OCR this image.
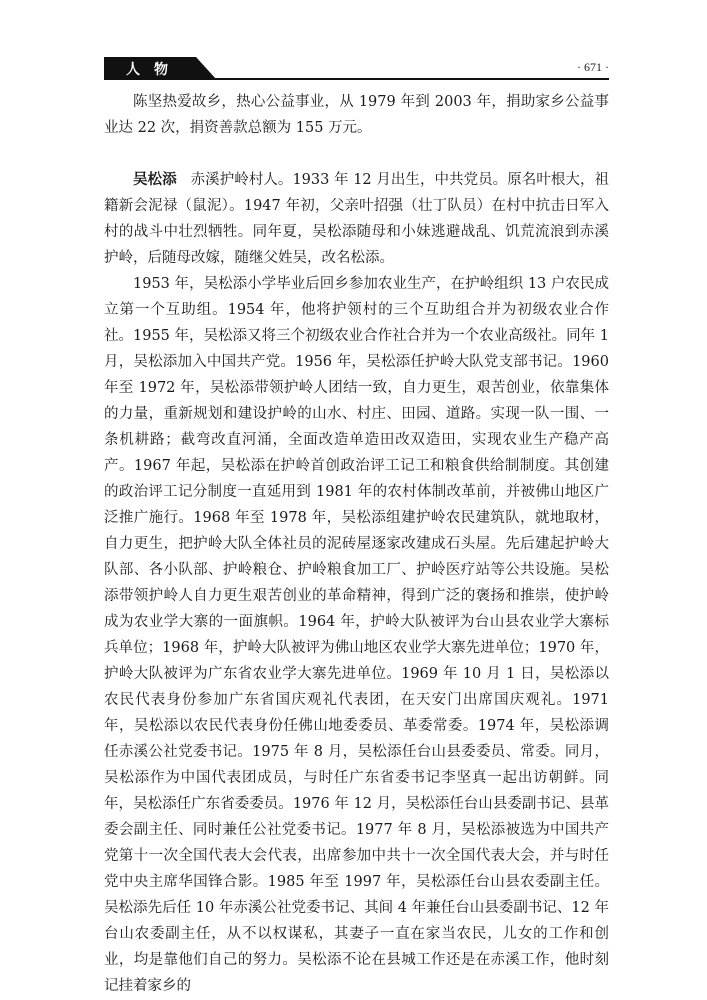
人物	· 671 ·

陈坚热爱故乡，热心公益事业，从 1979 年到 2003 年，捐助家乡公益事业达 22 次，捐资善款总额为 155 万元。

吴松添 赤溪护岭村人。1933 年 12 月出生，中共党员。原名叶根大，祖籍新会泥禄（鼠泥）。1947 年初，父亲叶招强（壮丁队员）在村中抗击日军入村的战斗中壮烈牺牲。同年夏，吴松添随母和小妹逃避战乱、饥荒流浪到赤溪护岭，后随母改嫁，随继父姓吴，改名松添。

1953 年，吴松添小学毕业后回乡参加农业生产，在护岭组织 13 户农民成立第一个互助组。1954 年，他将护领村的三个互助组合并为初级农业合作社。1955 年，吴松添又将三个初级农业合作社合并为一个农业高级社。同年 1 月，吴松添加入中国共产党。1956 年，吴松添任护岭大队党支部书记。1960 年至 1972 年，吴松添带领护岭人团结一致，自力更生，艰苦创业，依靠集体的力量，重新规划和建设护岭的山水、村庄、田园、道路。实现一队一围、一条机耕路；截弯改直河涌，全面改造单造田改双造田，实现农业生产稳产高产。1967 年起，吴松添在护岭首创政治评工记工和粮食供给制制度。其创建的政治评工记分制度一直延用到 1981 年的农村体制改革前，并被佛山地区广泛推广施行。1968 年至 1978 年，吴松添组建护岭农民建筑队，就地取材，自力更生，把护岭大队全体社员的泥砖屋逐家改建成石头屋。先后建起护岭大队部、各小队部、护岭粮仓、护岭粮食加工厂、护岭医疗站等公共设施。吴松添带领护岭人自力更生艰苦创业的革命精神，得到广泛的褒扬和推崇，使护岭成为农业学大寨的一面旗帜。1964 年，护岭大队被评为台山县农业学大寨标兵单位；1968 年，护岭大队被评为佛山地区农业学大寨先进单位；1970 年，护岭大队被评为广东省农业学大寨先进单位。1969 年 10 月 1 日，吴松添以农民代表身份参加广东省国庆观礼代表团，在天安门出席国庆观礼。1971 年，吴松添以农民代表身份任佛山地委委员、革委常委。1974 年，吴松添调任赤溪公社党委书记。1975 年 8 月，吴松添任台山县委委员、常委。同月，吴松添作为中国代表团成员，与时任广东省委书记李坚真一起出访朝鲜。同年，吴松添任广东省委委员。1976 年 12 月，吴松添任台山县委副书记、县革委会副主任、同时兼任公社党委书记。1977 年 8 月，吴松添被选为中国共产党第十一次全国代表大会代表，出席参加中共十一次全国代表大会，并与时任党中央主席华国锋合影。1985 年至 1997 年，吴松添任台山县农委副主任。吴松添先后任 10 年赤溪公社党委书记、其间 4 年兼任台山县委副书记、12 年台山农委副主任，从不以权谋私，其妻子一直在家当农民，儿女的工作和创业，均是靠他们自己的努力。吴松添不论在县城工作还是在赤溪工作，他时刻记挂着家乡的
